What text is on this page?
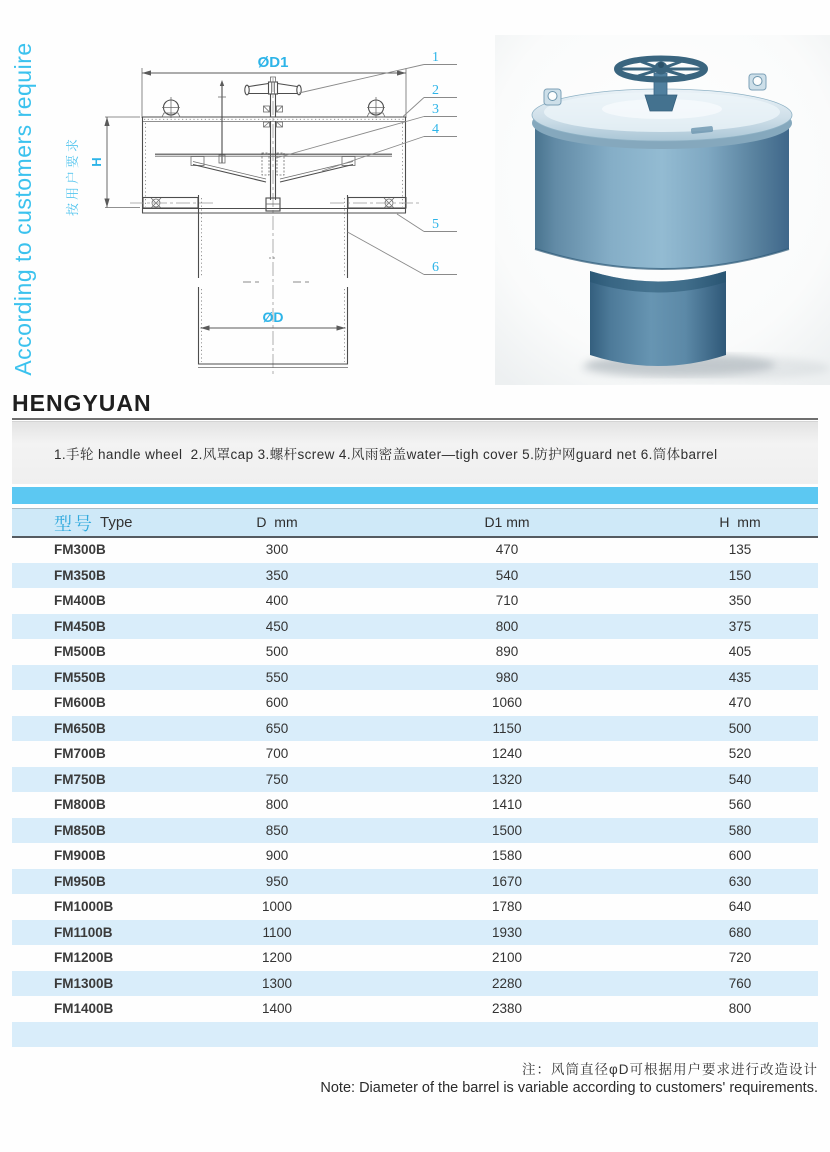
According to customers require	按用户要求
ØD1
ØD
H
1
2
3
4
5
6
HENGYUAN
1.手轮 handle wheel  2.风罩cap 3.螺杆screw 4.风雨密盖water—tigh cover 5.防护网guard net 6.筒体barrel
型号 Type	D  mm	D1 mm	H  mm
FM300B	300	470	135
FM350B	350	540	150
FM400B	400	710	350
FM450B	450	800	375
FM500B	500	890	405
FM550B	550	980	435
FM600B	600	1060	470
FM650B	650	1150	500
FM700B	700	1240	520
FM750B	750	1320	540
FM800B	800	1410	560
FM850B	850	1500	580
FM900B	900	1580	600
FM950B	950	1670	630
FM1000B	1000	1780	640
FM1100B	1100	1930	680
FM1200B	1200	2100	720
FM1300B	1300	2280	760
FM1400B	1400	2380	800
注：风筒直径φD可根据用户要求进行改造设计
Note: Diameter of the barrel is variable according to customers' requirements.
